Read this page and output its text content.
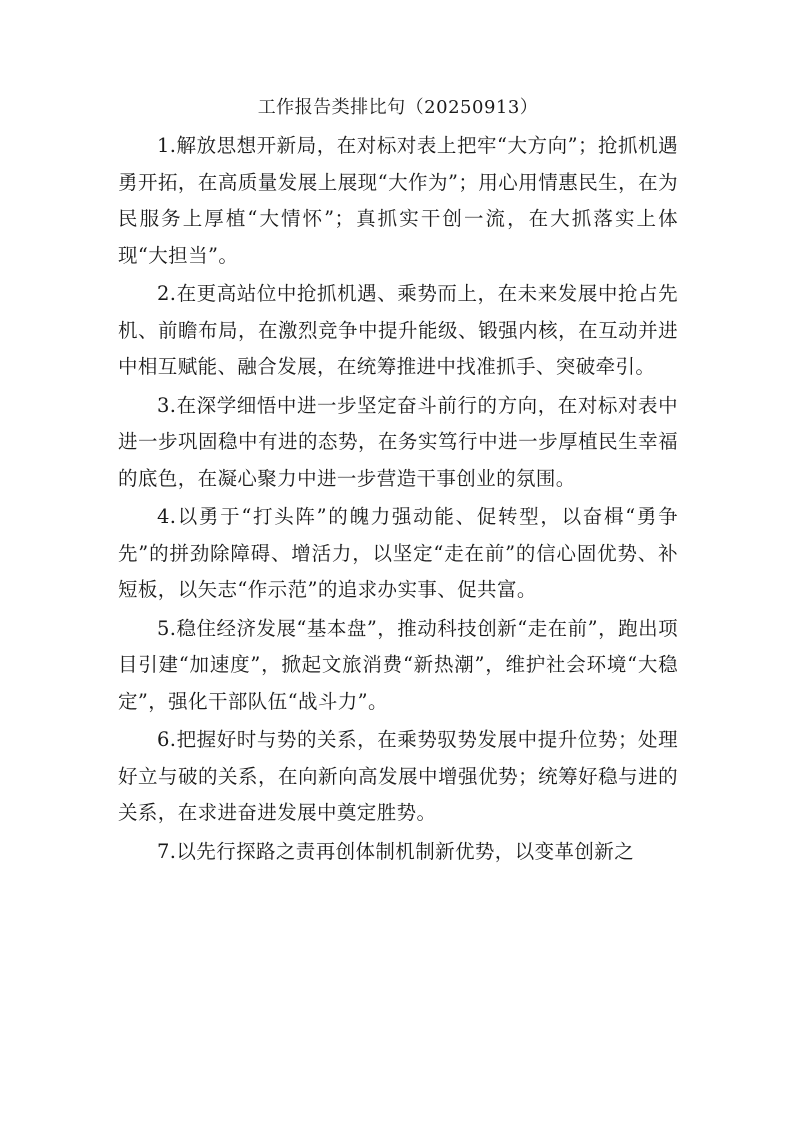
工作报告类排比句（20250913）

1.解放思想开新局，在对标对表上把牢“大方向”；抢抓机遇勇开拓，在高质量发展上展现“大作为”；用心用情惠民生，在为民服务上厚植“大情怀”；真抓实干创一流，在大抓落实上体现“大担当”。

2.在更高站位中抢抓机遇、乘势而上，在未来发展中抢占先机、前瞻布局，在激烈竞争中提升能级、锻强内核，在互动并进中相互赋能、融合发展，在统筹推进中找准抓手、突破牵引。

3.在深学细悟中进一步坚定奋斗前行的方向，在对标对表中进一步巩固稳中有进的态势，在务实笃行中进一步厚植民生幸福的底色，在凝心聚力中进一步营造干事创业的氛围。

4.以勇于“打头阵”的魄力强动能、促转型，以奋楫“勇争先”的拼劲除障碍、增活力，以坚定“走在前”的信心固优势、补短板，以矢志“作示范”的追求办实事、促共富。

5.稳住经济发展“基本盘”，推动科技创新“走在前”，跑出项目引建“加速度”，掀起文旅消费“新热潮”，维护社会环境“大稳定”，强化干部队伍“战斗力”。

6.把握好时与势的关系，在乘势驭势发展中提升位势；处理好立与破的关系，在向新向高发展中增强优势；统筹好稳与进的关系，在求进奋进发展中奠定胜势。

7.以先行探路之责再创体制机制新优势，以变革创新之
